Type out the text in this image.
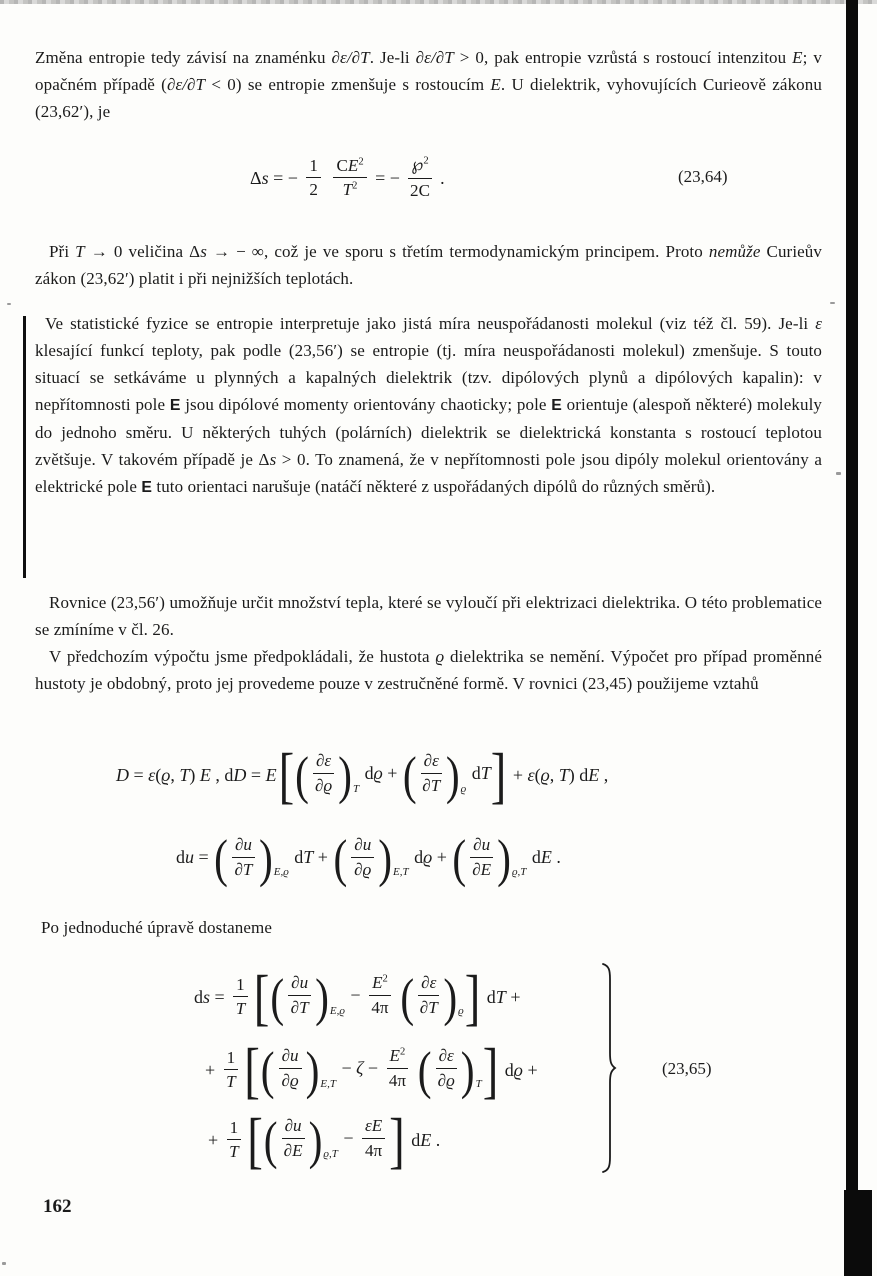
Změna entropie tedy závisí na znaménku ∂ε/∂T. Je-li ∂ε/∂T > 0, pak entropie vzrůstá s rostoucí intenzitou E; v opačném případě (∂ε/∂T < 0) se entropie zmenšuje s rostoucím E. U dielektrik, vyhovujících Curieově zákonu (23,62′), je
Δs = − $\frac{1}{2}$
$\frac{CE^2}{T^2}$ = − $\frac{℘^2}{2C}$ .	(23,64)
Při T → 0 veličina Δs → − ∞, což je ve sporu s třetím termodynamickým principem. Proto nemůže Curieův zákon (23,62′) platit i při nejnižších teplotách.
Ve statistické fyzice se entropie interpretuje jako jistá míra neuspořádanosti molekul (viz též čl. 59). Je-li ε klesající funkcí teploty, pak podle (23,56′) se entropie (tj. míra neuspořádanosti molekul) zmenšuje. S touto situací se setkáváme u plynných a kapalných dielektrik (tzv. dipólových plynů a dipólových kapalin): v nepřítomnosti pole E jsou dipólové momenty orientovány chaoticky; pole E orientuje (alespoň některé) molekuly do jednoho směru. U některých tuhých (polárních) dielektrik se dielektrická konstanta s rostoucí teplotou zvětšuje. V takovém případě je Δs > 0. To znamená, že v nepřítomnosti pole jsou dipóly molekul orientovány a elektrické pole E tuto orientaci narušuje (natáčí některé z uspořádaných dipólů do různých směrů).
Rovnice (23,56′) umožňuje určit množství tepla, které se vyloučí při elektrizaci dielektrika. O této problematice se zmíníme v čl. 26.
V předchozím výpočtu jsme předpokládali, že hustota ϱ dielektrika se nemění. Výpočet pro případ proměnné hustoty je obdobný, proto jej provedeme pouze v zestručněné formě. V rovnici (23,45) použijeme vztahů
D = ε(ϱ, T) E , dD = $E[( \frac{\partial\varepsilon}{\partial ϱ} )_T$ dϱ + ( $\frac{\partial\varepsilon}{\partial T} )_ϱ$ dT] + ε(ϱ, T) dE ,
du = ( $\frac{\partial u}{\partial T} )_{E,ϱ}$ dT + ( $\frac{\partial u}{\partial ϱ} )_{E,T}$ dϱ + ( $\frac{\partial u}{\partial E} )_{ϱ,T}$ dE .
Po jednoduché úpravě dostaneme
ds = $\frac{1}{T}$ [( $\frac{\partial u}{\partial T} )_{E,ϱ} - \frac{E^2}{4\pi}$ ( $\frac{\partial\varepsilon}{\partial T} )_ϱ$] dT +
+ $\frac{1}{T}$ [( $\frac{\partial u}{\partial ϱ} )_{E,T} - \zeta - \frac{E^2}{4\pi}$ ( $\frac{\partial\varepsilon}{\partial ϱ} )_T$] dϱ +
+ $\frac{1}{T}$ [( $\frac{\partial u}{\partial E} )_{ϱ,T} - \frac{\varepsilon E}{4\pi}$ ] dE .
(23,65)
162
